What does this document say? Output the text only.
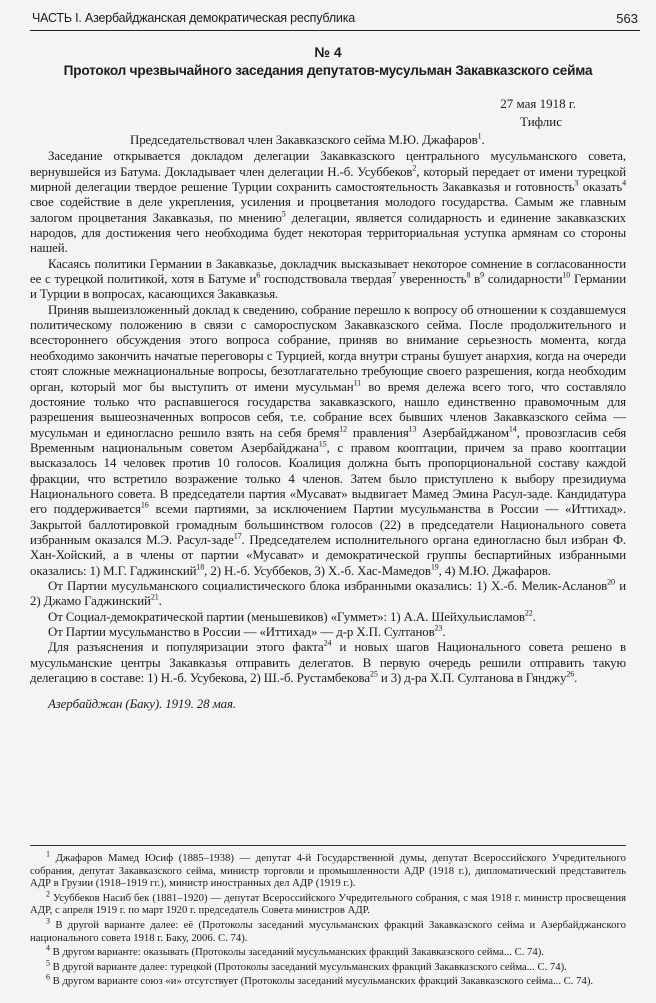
ЧАСТЬ I. Азербайджанская демократическая республика	563
№ 4
Протокол чрезвычайного заседания депутатов-мусульман Закавказского сейма
27 мая 1918 г.
Тифлис

Председательствовал член Закавказского сейма М.Ю. Джафаров$^1$.

Заседание открывается докладом делегации Закавказского центрального мусульманского совета, вернувшейся из Батума. Докладывает член делегации Н.-б. Усуббеков$^2$, который передает от имени турецкой мирной делегации твердое решение Турции сохранить самостоятельность Закавказья и готовность$^3$ оказать$^4$ свое содействие в деле укрепления, усиления и процветания молодого государства. Самым же главным залогом процветания Закавказья, по мнению$^5$ делегации, является солидарность и единение закавказских народов, для достижения чего необходима будет некоторая территориальная уступка армянам со стороны нашей.

Касаясь политики Германии в Закавказье, докладчик высказывает некоторое сомнение в согласованности ее с турецкой политикой, хотя в Батуме $и^6$ господствовала твердая$^7$ уверенность$^8$ $в^9$ солидарности$^{10}$ Германии и Турции в вопросах, касающихся Закавказья.

Приняв вышеизложенный доклад к сведению, собрание перешло к вопросу об отношении к создавшемуся политическому положению в связи с самороспуском Закавказского сейма. После продолжительного и всестороннего обсуждения этого вопроса собрание, приняв во внимание серьезность момента, когда необходимо закончить начатые переговоры с Турцией, когда внутри страны бушует анархия, когда на очереди стоят сложные межнациональные вопросы, безотлагательно требующие своего разрешения, когда необходим орган, который мог бы выступить от имени мусульман$^{11}$ во время дележа всего того, что составляло достояние только что распавшегося государства закавказского, нашло единственно правомочным для разрешения вышеозначенных вопросов себя, т.е. собрание всех бывших членов Закавказского сейма — мусульман и единогласно решило взять на себя бремя$^{12}$ правления$^{13}$ Азербайджаном$^{14}$, провозгласив себя Временным национальным советом Азербайджана$^{15}$, с правом кооптации, причем за право кооптации высказалось 14 человек против 10 голосов. Коалиция должна быть пропорциональной составу каждой фракции, что встретило возражение только 4 членов. Затем было приступлено к выбору президиума Национального совета. В председатели партия «Мусават» выдвигает Мамед Эмина Расул-заде. Кандидатура его поддерживается$^{16}$ всеми партиями, за исключением Партии мусульманства в России — «Иттихад». Закрытой баллотировкой громадным большинством голосов (22) в председатели Национального совета избранным оказался М.Э. Расул-заде$^{17}$. Председателем исполнительного органа единогласно был избран Ф. Хан-Хойский, а в члены от партии «Мусават» и демократической группы беспартийных избранными оказались: 1) М.Г. Гаджинский$^{18}$, 2) Н.-б. Усуббеков, 3) Х.-б. Хас-Мамедов$^{19}$, 4) М.Ю. Джафаров.

От Партии мусульманского социалистического блока избранными оказались: 1) Х.-б. Мелик-Асланов$^{20}$ и 2) Джамо Гаджинский$^{21}$.

От Социал-демократической партии (меньшевиков) «Гуммет»: 1) А.А. Шейхульисламов$^{22}$.

От Партии мусульманство в России — «Иттихад» — д-р Х.П. Султанов$^{23}$.

Для разъяснения и популяризации этого факта$^{24}$ и новых шагов Национального совета решено в мусульманские центры Закавказья отправить делегатов. В первую очередь решили отправить такую делегацию в составе: 1) Н.-б. Усубекова, 2) Ш.-б. Рустамбекова$^{25}$ и 3) д-ра Х.П. Султанова в Гянджу$^{26}$.

Азербайджан (Баку). 1919. 28 мая.

$^1$ Джафаров Мамед Юсиф (1885–1938) — депутат 4-й Государственной думы, депутат Всероссийского Учредительного собрания, депутат Закавказского сейма, министр торговли и промышленности АДР (1918 г.), дипломатический представитель АДР в Грузии (1918–1919 гг.), министр иностранных дел АДР (1919 г.).

$^2$ Усуббеков Насиб бек (1881–1920) — депутат Всероссийского Учредительного собрания, с мая 1918 г. министр просвещения АДР, с апреля 1919 г. по март 1920 г. председатель Совета министров АДР.

$^3$ В другой варианте далее: её (Протоколы заседаний мусульманских фракций Закавказского сейма и Азербайджанского национального совета 1918 г. Баку, 2006. С. 74).

$^4$ В другом варианте: оказывать (Протоколы заседаний мусульманских фракций Закавказского сейма... С. 74).

$^5$ В другой варианте далее: турецкой (Протоколы заседаний мусульманских фракций Закавказского сейма... С. 74).

$^6$ В другом варианте союз «и» отсутствует (Протоколы заседаний мусульманских фракций Закавказского сейма... С. 74).
